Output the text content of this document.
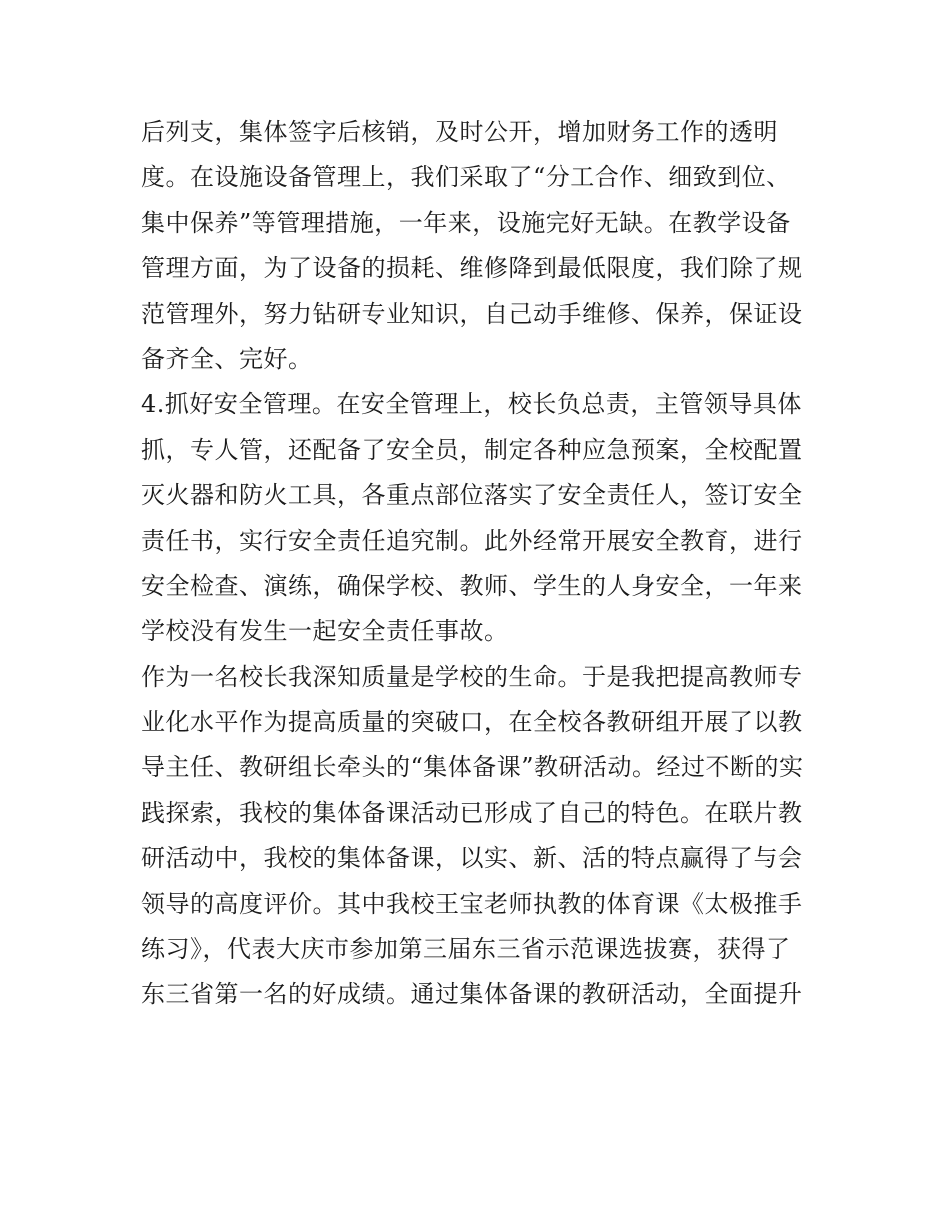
后列支，集体签字后核销，及时公开，增加财务工作的透明
度。在设施设备管理上，我们采取了“分工合作、细致到位、
集中保养”等管理措施，一年来，设施完好无缺。在教学设备
管理方面，为了设备的损耗、维修降到最低限度，我们除了规
范管理外，努力钻研专业知识，自己动手维修、保养，保证设
备齐全、完好。
4.抓好安全管理。在安全管理上，校长负总责，主管领导具体
抓，专人管，还配备了安全员，制定各种应急预案，全校配置
灭火器和防火工具，各重点部位落实了安全责任人，签订安全
责任书，实行安全责任追究制。此外经常开展安全教育，进行
安全检查、演练，确保学校、教师、学生的人身安全，一年来
学校没有发生一起安全责任事故。
作为一名校长我深知质量是学校的生命。于是我把提高教师专
业化水平作为提高质量的突破口，在全校各教研组开展了以教
导主任、教研组长牵头的“集体备课”教研活动。经过不断的实
践探索，我校的集体备课活动已形成了自己的特色。在联片教
研活动中，我校的集体备课，以实、新、活的特点赢得了与会
领导的高度评价。其中我校王宝老师执教的体育课《太极推手
练习》，代表大庆市参加第三届东三省示范课选拔赛，获得了
东三省第一名的好成绩。通过集体备课的教研活动，全面提升
